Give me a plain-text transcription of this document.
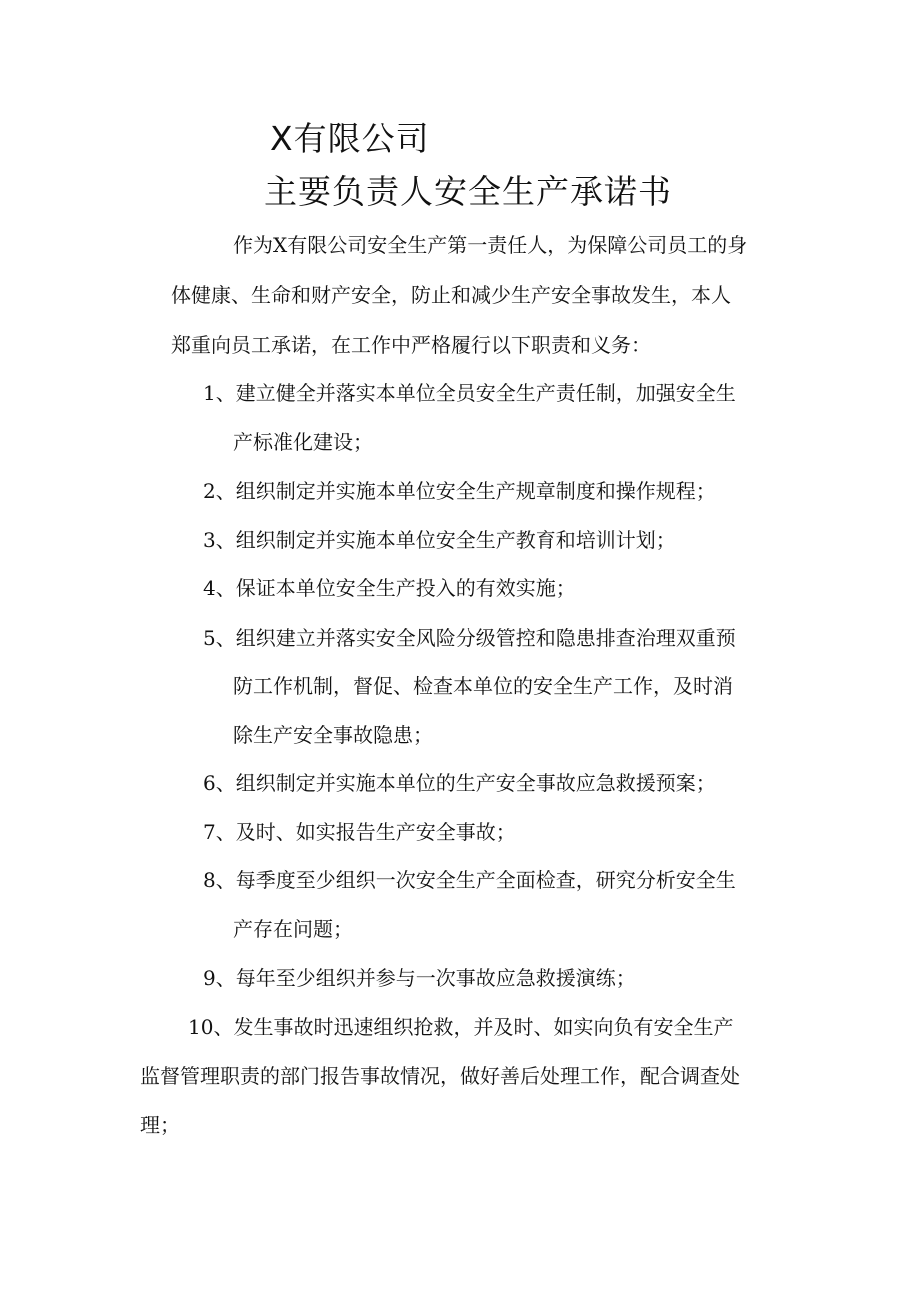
X有限公司
主要负责人安全生产承诺书
作为X有限公司安全生产第一责任人，为保障公司员工的身
体健康、生命和财产安全，防止和减少生产安全事故发生，本人
郑重向员工承诺，在工作中严格履行以下职责和义务：
1、建立健全并落实本单位全员安全生产责任制，加强安全生
产标准化建设；
2、组织制定并实施本单位安全生产规章制度和操作规程；
3、组织制定并实施本单位安全生产教育和培训计划；
4、保证本单位安全生产投入的有效实施；
5、组织建立并落实安全风险分级管控和隐患排查治理双重预
防工作机制，督促、检查本单位的安全生产工作，及时消
除生产安全事故隐患；
6、组织制定并实施本单位的生产安全事故应急救援预案；
7、及时、如实报告生产安全事故；
8、每季度至少组织一次安全生产全面检查，研究分析安全生
产存在问题；
9、每年至少组织并参与一次事故应急救援演练；
10、发生事故时迅速组织抢救，并及时、如实向负有安全生产
监督管理职责的部门报告事故情况，做好善后处理工作，配合调查处
理；
